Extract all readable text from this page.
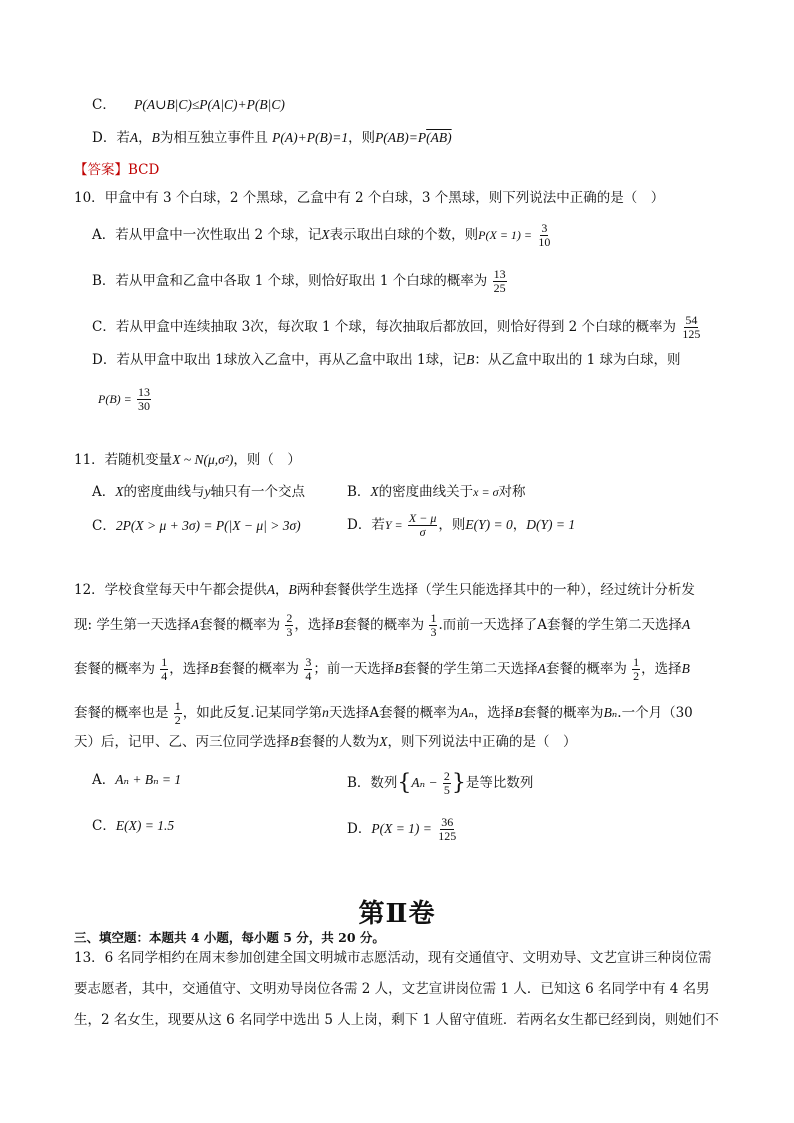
C． P(A∪B|C)≤P(A|C)+P(B|C)
D．若A，B为相互独立事件且 P(A)+P(B)=1，则P(AB)=P(AB)
【答案】BCD
10．甲盒中有 3 个白球，2 个黑球，乙盒中有 2 个白球，3 个黑球，则下列说法中正确的是（　）
A．若从甲盒中一次性取出 2 个球，记X表示取出白球的个数，则$P(X = 1) = \frac{3}{10}$
B．若从甲盒和乙盒中各取 1 个球，则恰好取出 1 个白球的概率为 $\frac{13}{25}$
C．若从甲盒中连续抽取 3次，每次取 1 个球，每次抽取后都放回，则恰好得到 2 个白球的概率为 $\frac{54}{125}$
D．若从甲盒中取出 1球放入乙盒中，再从乙盒中取出 1球，记B：从乙盒中取出的 1 球为白球，则
$P(B) = \frac{13}{30}$
11．若随机变量X ~ N(μ,σ²)，则（　）
A．X的密度曲线与y轴只有一个交点	B．X的密度曲线关于x = σ对称
C．2P(X > μ + 3σ) = P(|X − μ| > 3σ)	D．若$Y = \frac{X - \mu}{\sigma}$ ，则E(Y) = 0，D(Y) = 1
12．学校食堂每天中午都会提供A，B两种套餐供学生选择（学生只能选择其中的一种），经过统计分析发
现: 学生第一天选择A套餐的概率为 $\frac{2}{3}$ ，选择B套餐的概率为 $\frac{1}{3}$ .而前一天选择了A套餐的学生第二天选择A
套餐的概率为 $\frac{1}{4}$ ，选择B套餐的概率为 $\frac{3}{4}$ ；前一天选择B套餐的学生第二天选择A套餐的概率为 $\frac{1}{2}$ ，选择B
套餐的概率也是 $\frac{1}{2}$ ，如此反复.记某同学第n天选择A套餐的概率为Aₙ，选择B套餐的概率为Bₙ.一个月（30
天）后，记甲、乙、丙三位同学选择B套餐的人数为X，则下列说法中正确的是（　）
A．Aₙ + Bₙ = 1	B．数列{$A_n - \frac{2}{5}$ }是等比数列
C．E(X) = 1.5	D．$P(X = 1) = \frac{36}{125}$
第Ⅱ卷
三、填空题：本题共 4 小题，每小题 5 分，共 20 分。
13．6 名同学相约在周末参加创建全国文明城市志愿活动，现有交通值守、文明劝导、文艺宣讲三种岗位需
要志愿者，其中，交通值守、文明劝导岗位各需 2 人，文艺宣讲岗位需 1 人．已知这 6 名同学中有 4 名男
生，2 名女生，现要从这 6 名同学中选出 5 人上岗，剩下 1 人留守值班．若两名女生都已经到岗，则她们不
